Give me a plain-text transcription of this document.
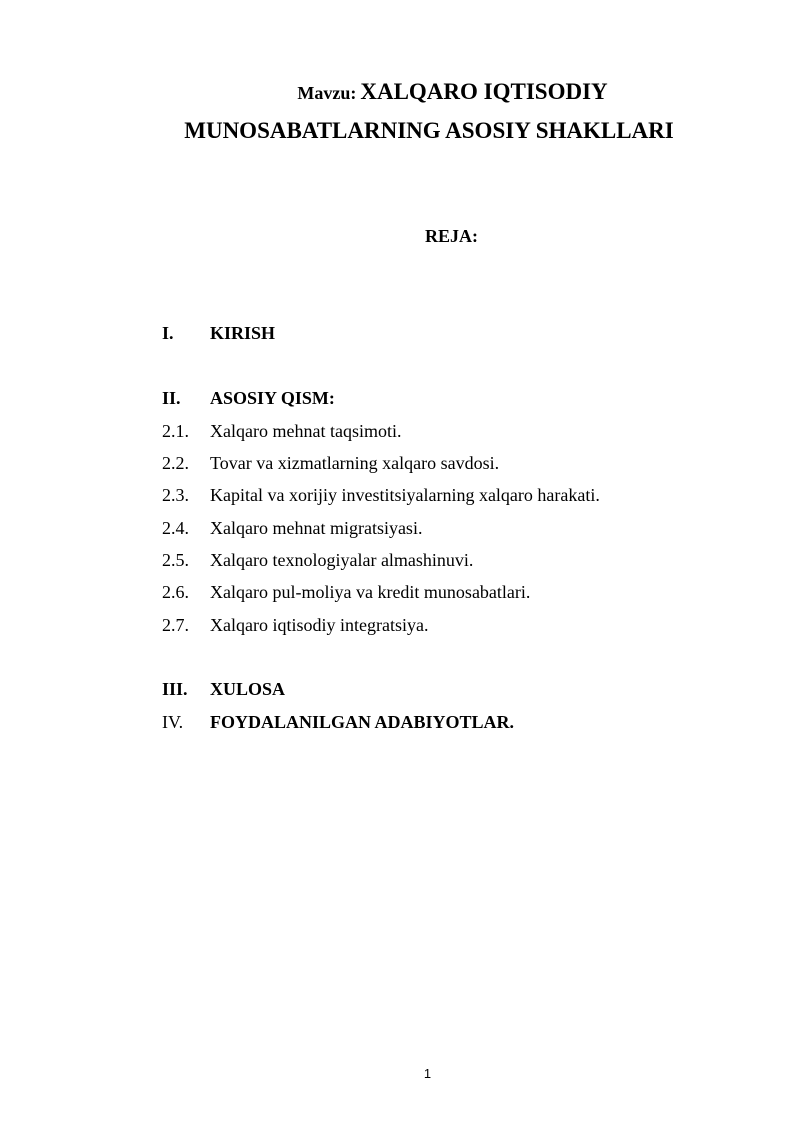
Mavzu: XALQARO IQTISODIY
MUNOSABATLARNING ASOSIY SHAKLLARI
REJA:
I.	KIRISH
II.	ASOSIY QISM:
2.1.	Xalqaro mehnat taqsimoti.
2.2.	Tovar va xizmatlarning xalqaro savdosi.
2.3.	Kapital va xorijiy investitsiyalarning xalqaro harakati.
2.4.	Xalqaro mehnat migratsiyasi.
2.5.	Xalqaro texnologiyalar almashinuvi.
2.6.	Xalqaro pul-moliya va kredit munosabatlari.
2.7.	Xalqaro iqtisodiy integratsiya.
III.	XULOSA
IV.	FOYDALANILGAN ADABIYOTLAR.
1
